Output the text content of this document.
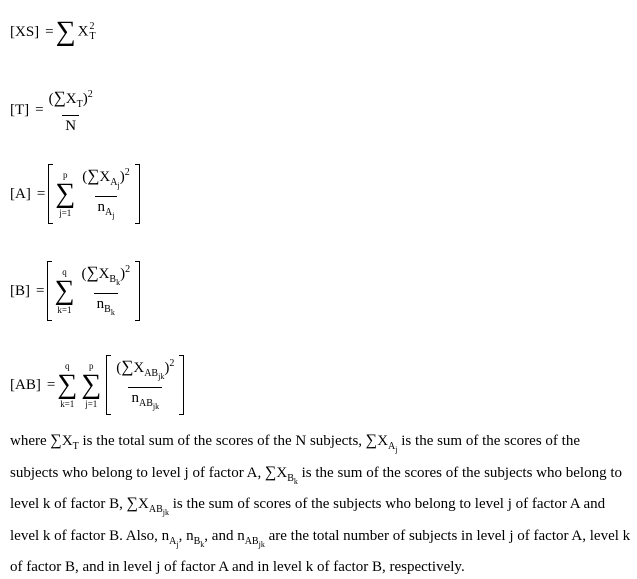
[XS] = ∑ X 2
T
$[T] = \frac{(\sum X_T)^2}{N}$
[A] =
p
∑
$j=1 \frac{(\sum X_{A_j})^2}{n_{A_j}}$
[B] =
q
∑
$k=1 \frac{(\sum X_{B_k})^2}{n_{B_k}}$
[AB] =
q
∑
k=1
p
∑
$j=1 \frac{(\sum X_{AB_{jk}})^2}{n_{AB_{jk}}}$
where $\sum X_T$ is the total sum of the scores of the N subjects, $\sum X_{A_j}$ is the sum of the scores of the subjects who belong to level j of factor A, $\sum X_{B_k}$ is the sum of the scores of the subjects who belong to level k of factor B, $\sum X_{AB_{jk}}$ is the sum of scores of the subjects who belong to level j of factor A and level k of factor B. Also, $n_{A_j}$, $n_{B_k}$, and $n_{AB_{jk}}$ are the total number of subjects in level j of factor A, level k of factor B, and in level j of factor A and in level k of factor B, respectively.
